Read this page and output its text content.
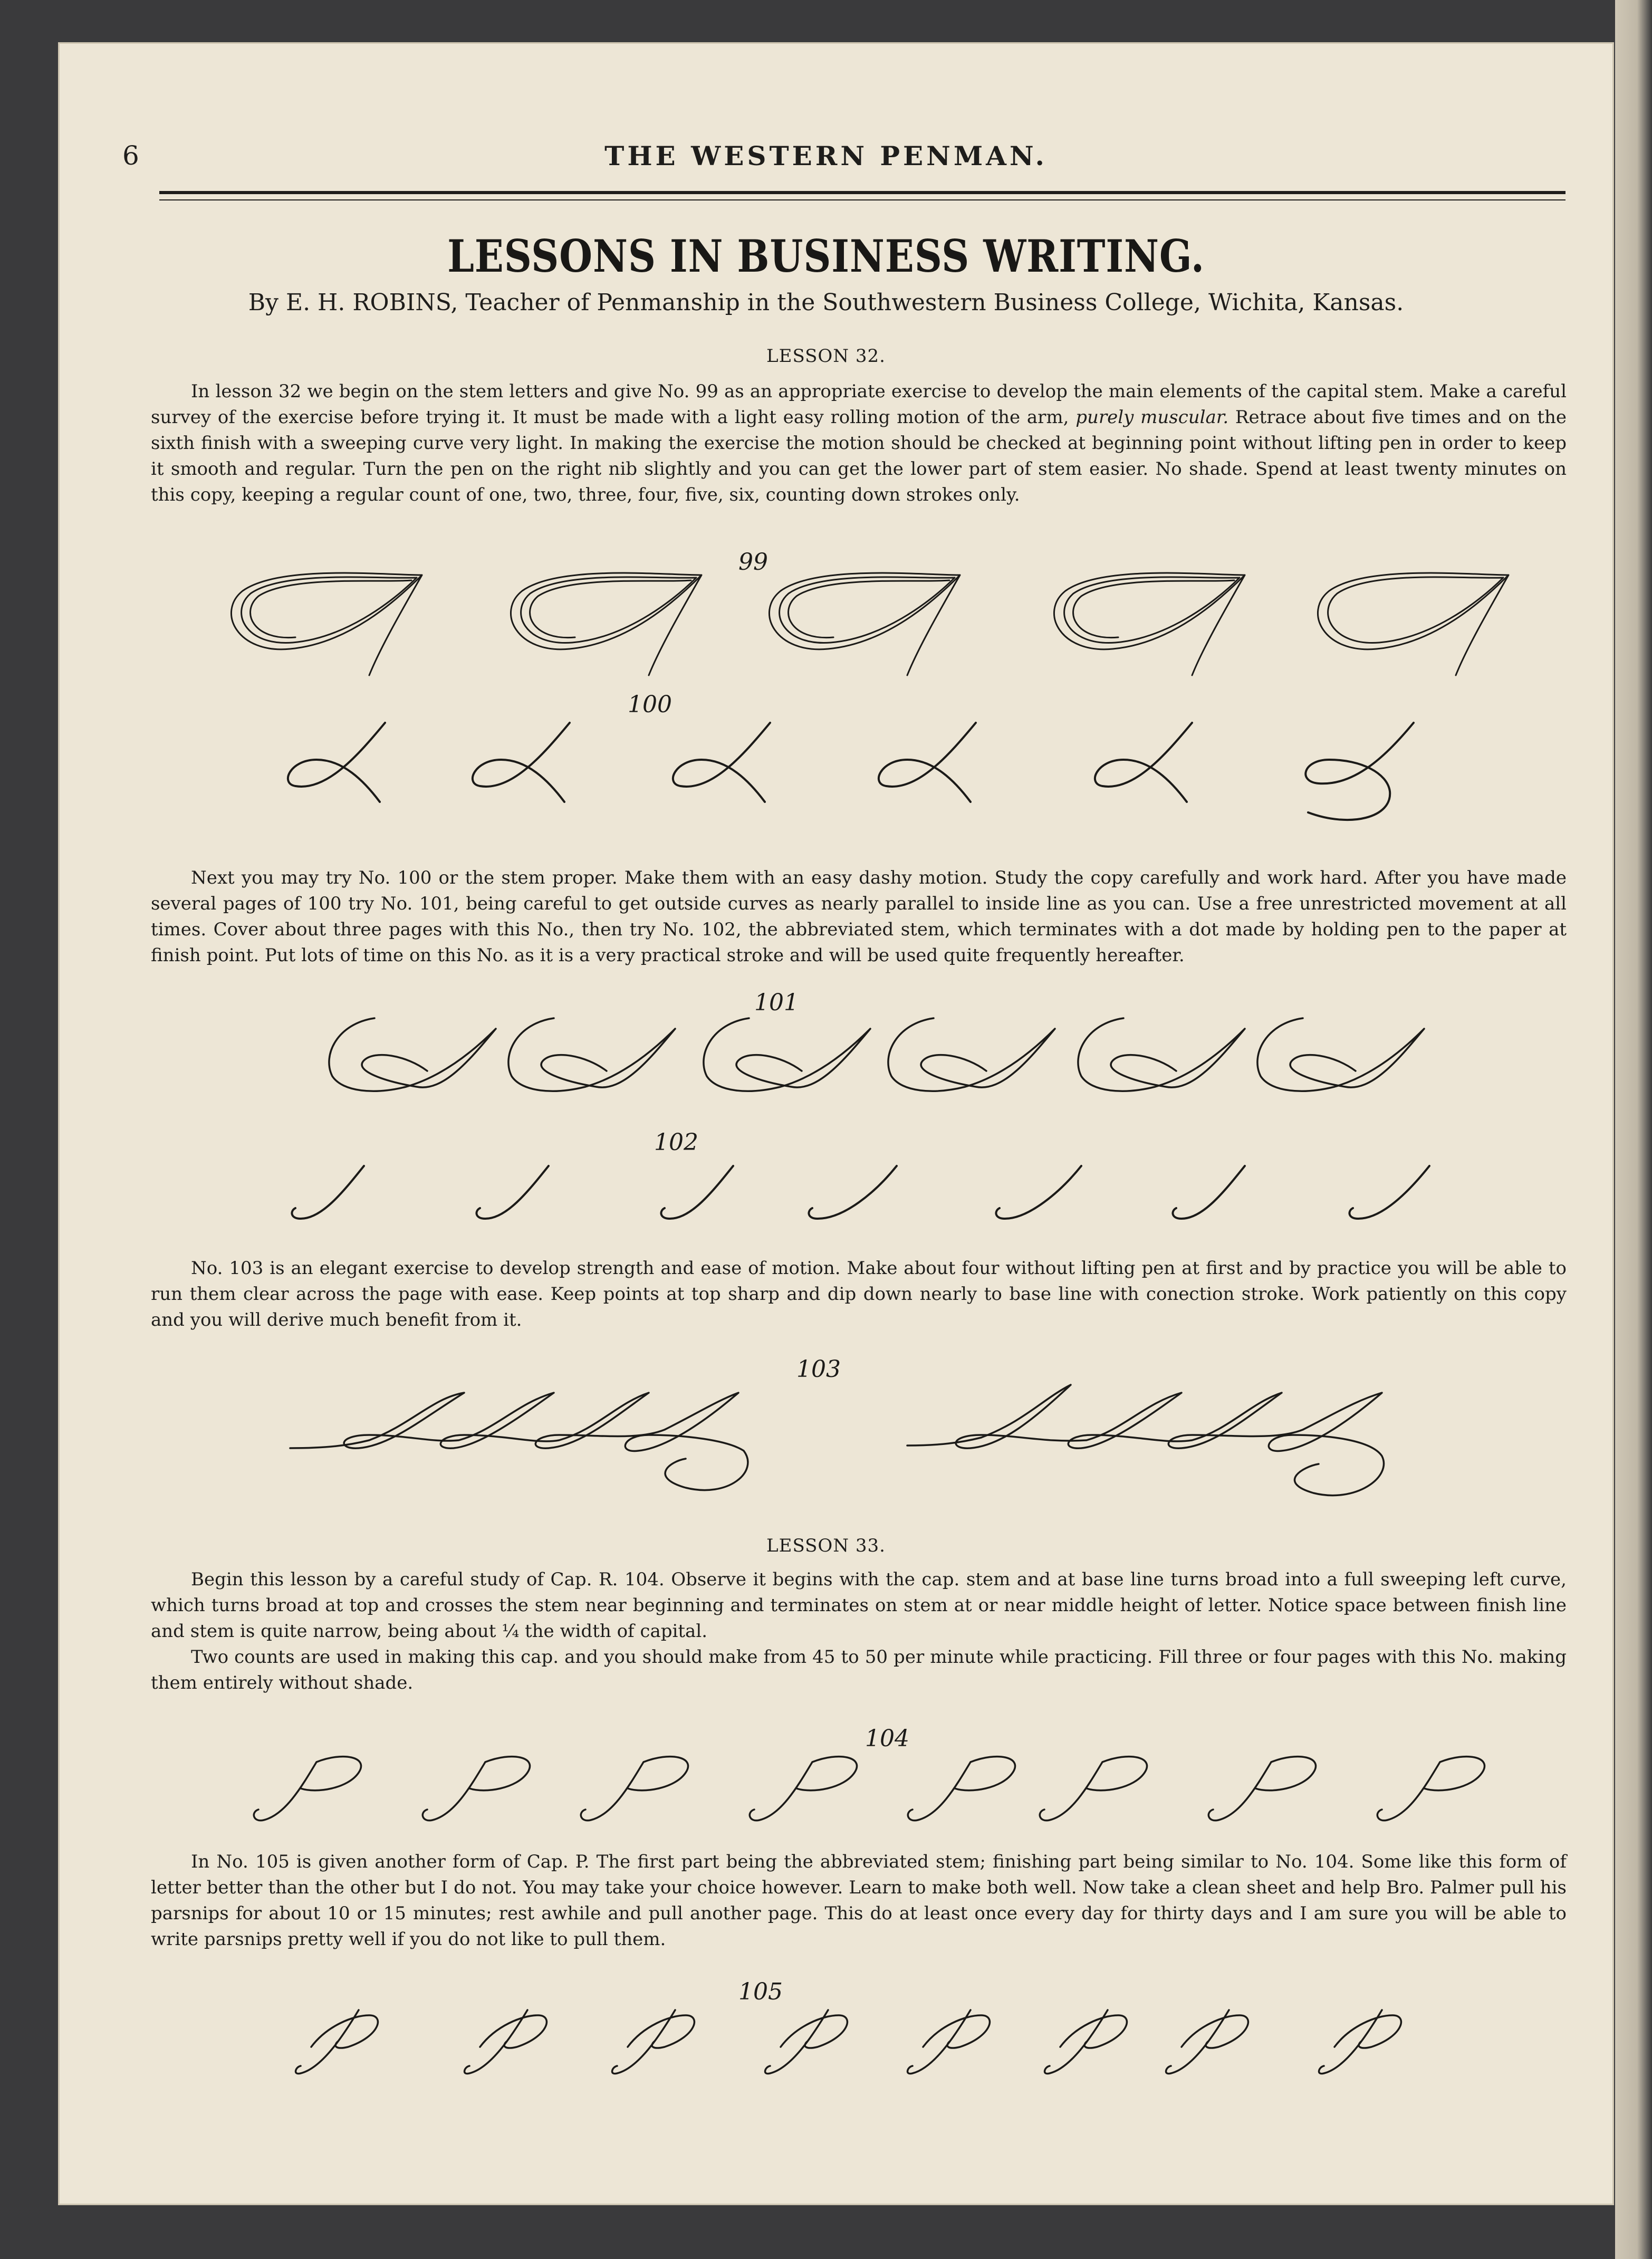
6	THE WESTERN PENMAN.
LESSONS IN BUSINESS WRITING.
By E. H. ROBINS, Teacher of Penmanship in the Southwestern Business College, Wichita, Kansas.
LESSON 32.

In lesson 32 we begin on the stem letters and give No. 99 as an appropriate exercise to develop the main elements of the capital stem. Make a careful survey of the exercise before trying it. It must be made with a light easy rolling motion of the arm, purely muscular. Retrace about five times and on the sixth finish with a sweeping curve very light. In making the exercise the motion should be checked at beginning point without lifting pen in order to keep it smooth and regular. Turn the pen on the right nib slightly and you can get the lower part of stem easier. No shade. Spend at least twenty minutes on this copy, keeping a regular count of one, two, three, four, five, six, counting down strokes only.

99
100

Next you may try No. 100 or the stem proper. Make them with an easy dashy motion. Study the copy carefully and work hard. After you have made several pages of 100 try No. 101, being careful to get outside curves as nearly parallel to inside line as you can. Use a free unrestricted movement at all times. Cover about three pages with this No., then try No. 102, the abbreviated stem, which terminates with a dot made by holding pen to the paper at finish point. Put lots of time on this No. as it is a very practical stroke and will be used quite frequently hereafter.

101
102

No. 103 is an elegant exercise to develop strength and ease of motion. Make about four without lifting pen at first and by practice you will be able to run them clear across the page with ease. Keep points at top sharp and dip down nearly to base line with conection stroke. Work patiently on this copy and you will derive much benefit from it.

103
LESSON 33.

Begin this lesson by a careful study of Cap. R. 104. Observe it begins with the cap. stem and at base line turns broad into a full sweeping left curve, which turns broad at top and crosses the stem near beginning and terminates on stem at or near middle height of letter. Notice space between finish line and stem is quite narrow, being about ¼ the width of capital.

Two counts are used in making this cap. and you should make from 45 to 50 per minute while practicing. Fill three or four pages with this No. making them entirely without shade.

104

In No. 105 is given another form of Cap. P. The first part being the abbreviated stem; finishing part being similar to No. 104. Some like this form of letter better than the other but I do not. You may take your choice however. Learn to make both well. Now take a clean sheet and help Bro. Palmer pull his parsnips for about 10 or 15 minutes; rest awhile and pull another page. This do at least once every day for thirty days and I am sure you will be able to write parsnips pretty well if you do not like to pull them.

105
